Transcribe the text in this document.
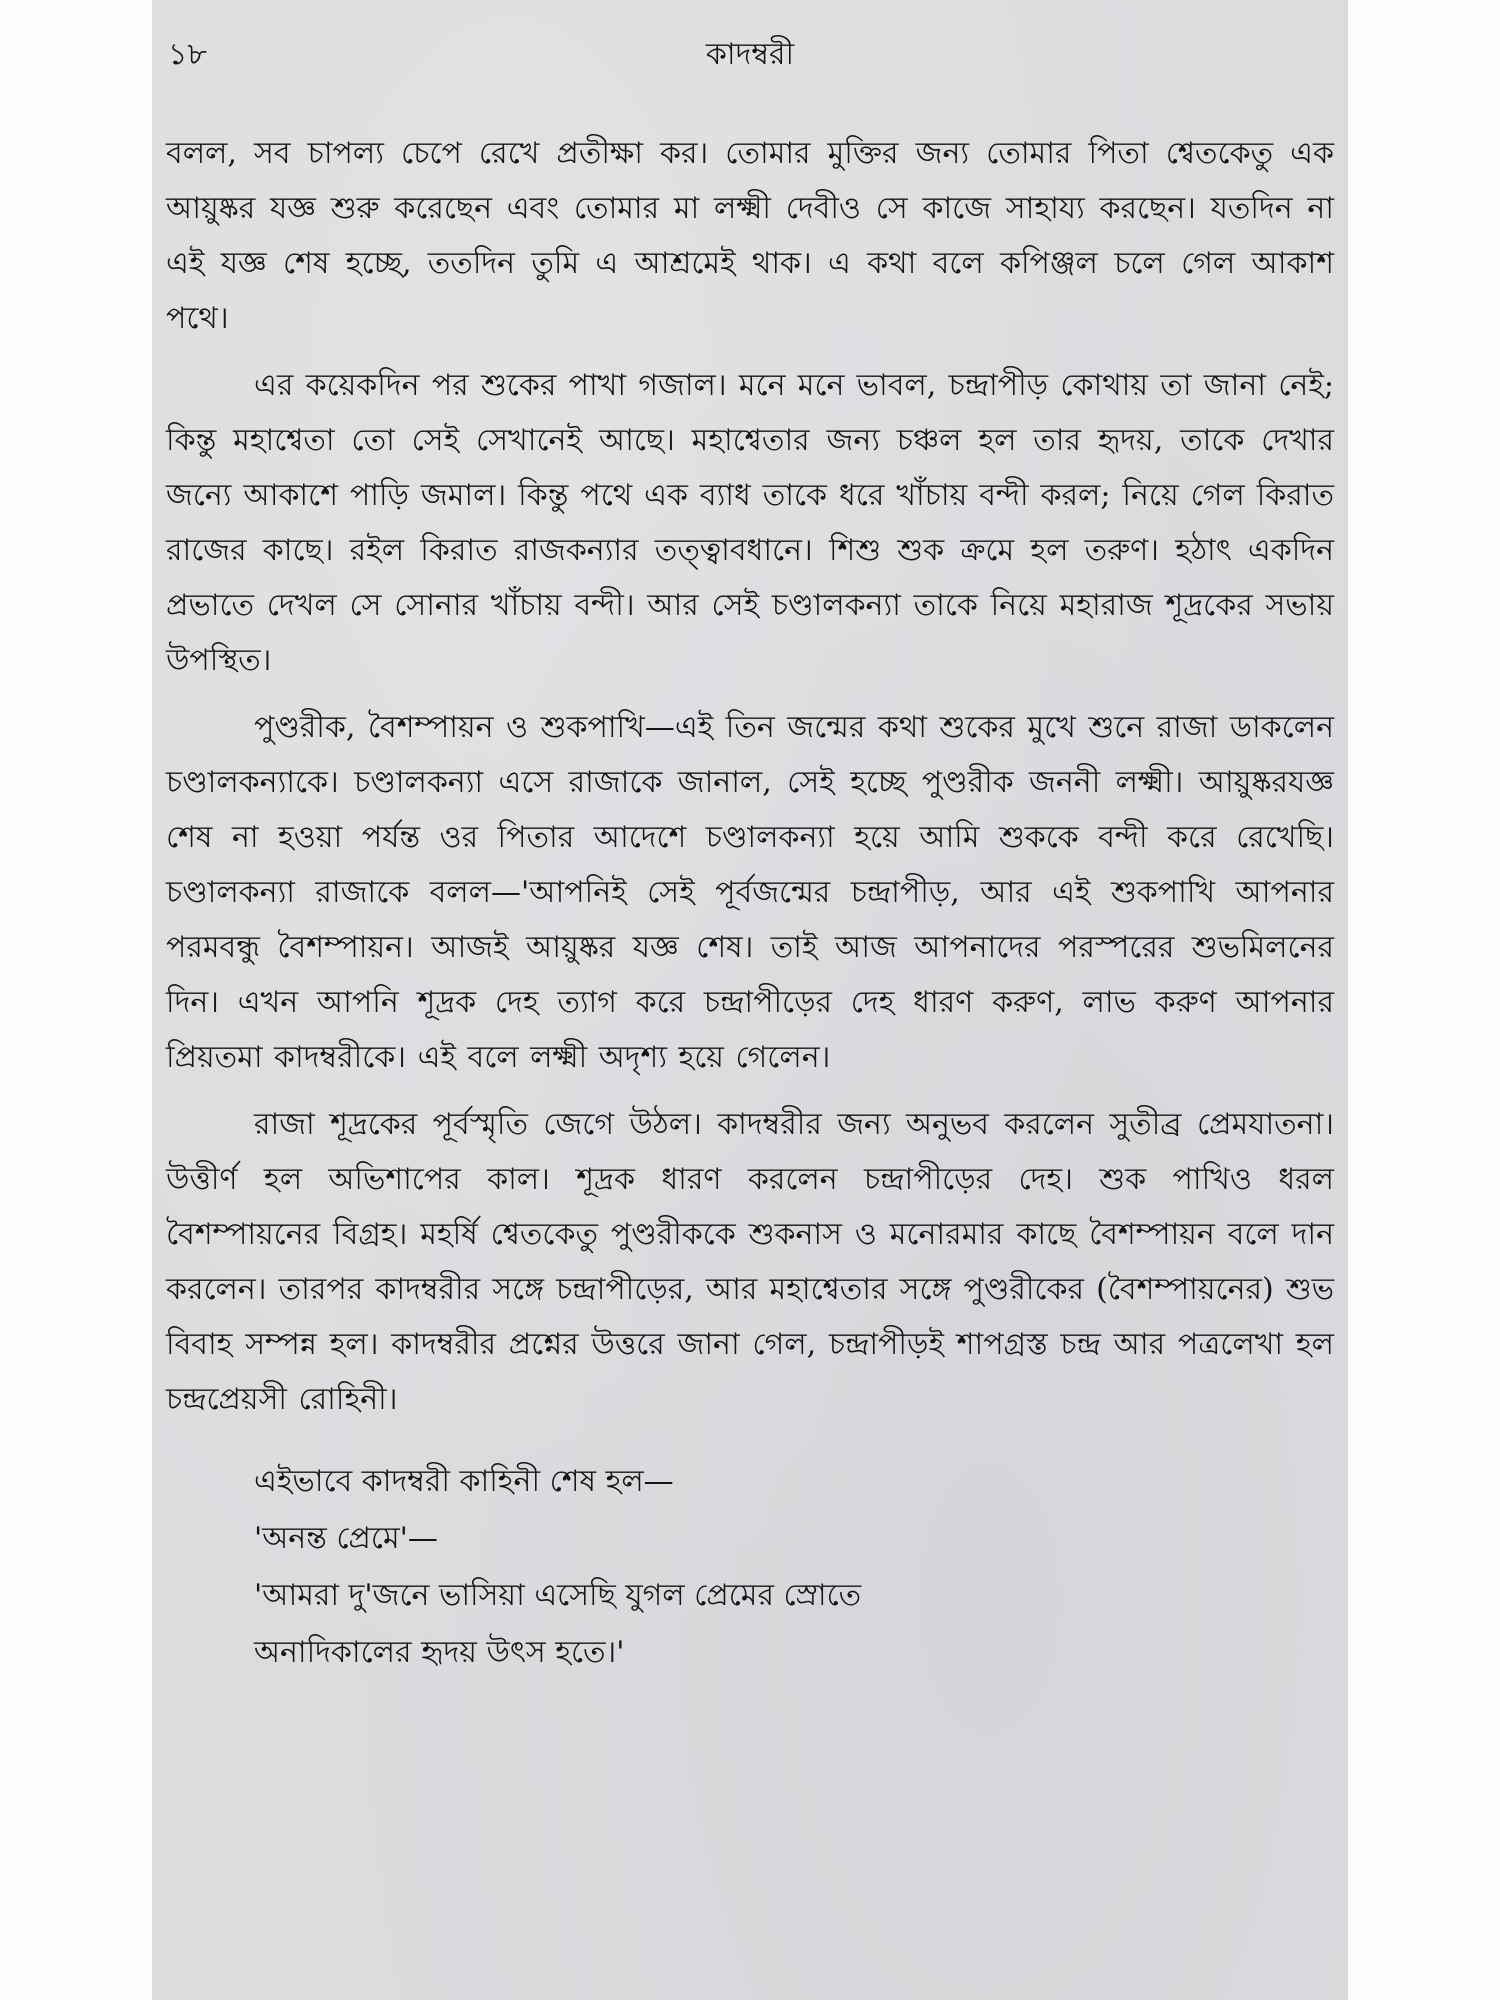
১৮	কাদম্বরী

বলল, সব চাপল্য চেপে রেখে প্রতীক্ষা কর। তোমার মুক্তির জন্য তোমার পিতা শ্বেতকেতু এক আয়ুষ্কর যজ্ঞ শুরু করেছেন এবং তোমার মা লক্ষ্মী দেবীও সে কাজে সাহায্য করছেন। যতদিন না এই যজ্ঞ শেষ হচ্ছে, ততদিন তুমি এ আশ্রমেই থাক। এ কথা বলে কপিঞ্জল চলে গেল আকাশ পথে।

এর কয়েকদিন পর শুকের পাখা গজাল। মনে মনে ভাবল, চন্দ্রাপীড় কোথায় তা জানা নেই; কিন্তু মহাশ্বেতা তো সেই সেখানেই আছে। মহাশ্বেতার জন্য চঞ্চল হল তার হৃদয়, তাকে দেখার জন্যে আকাশে পাড়ি জমাল। কিন্তু পথে এক ব্যাধ তাকে ধরে খাঁচায় বন্দী করল; নিয়ে গেল কিরাত রাজের কাছে। রইল কিরাত রাজকন্যার তত্ত্বাবধানে। শিশু শুক ক্রমে হল তরুণ। হঠাৎ একদিন প্রভাতে দেখল সে সোনার খাঁচায় বন্দী। আর সেই চণ্ডালকন্যা তাকে নিয়ে মহারাজ শূদ্রকের সভায় উপস্থিত।

পুণ্ডরীক, বৈশম্পায়ন ও শুকপাখি—এই তিন জন্মের কথা শুকের মুখে শুনে রাজা ডাকলেন চণ্ডালকন্যাকে। চণ্ডালকন্যা এসে রাজাকে জানাল, সেই হচ্ছে পুণ্ডরীক জননী লক্ষ্মী। আয়ুষ্করযজ্ঞ শেষ না হওয়া পর্যন্ত ওর পিতার আদেশে চণ্ডালকন্যা হয়ে আমি শুককে বন্দী করে রেখেছি। চণ্ডালকন্যা রাজাকে বলল—'আপনিই সেই পূর্বজন্মের চন্দ্রাপীড়, আর এই শুকপাখি আপনার পরমবন্ধু বৈশম্পায়ন। আজই আয়ুষ্কর যজ্ঞ শেষ। তাই আজ আপনাদের পরস্পরের শুভমিলনের দিন। এখন আপনি শূদ্রক দেহ ত্যাগ করে চন্দ্রাপীড়ের দেহ ধারণ করুণ, লাভ করুণ আপনার প্রিয়তমা কাদম্বরীকে। এই বলে লক্ষ্মী অদৃশ্য হয়ে গেলেন।

রাজা শূদ্রকের পূর্বস্মৃতি জেগে উঠল। কাদম্বরীর জন্য অনুভব করলেন সুতীব্র প্রেমযাতনা। উত্তীর্ণ হল অভিশাপের কাল। শূদ্রক ধারণ করলেন চন্দ্রাপীড়ের দেহ। শুক পাখিও ধরল বৈশম্পায়নের বিগ্রহ। মহর্ষি শ্বেতকেতু পুণ্ডরীককে শুকনাস ও মনোরমার কাছে বৈশম্পায়ন বলে দান করলেন। তারপর কাদম্বরীর সঙ্গে চন্দ্রাপীড়ের, আর মহাশ্বেতার সঙ্গে পুণ্ডরীকের (বৈশম্পায়নের) শুভ বিবাহ সম্পন্ন হল। কাদম্বরীর প্রশ্নের উত্তরে জানা গেল, চন্দ্রাপীড়ই শাপগ্রস্ত চন্দ্র আর পত্রলেখা হল চন্দ্রপ্রেয়সী রোহিনী।

এইভাবে কাদম্বরী কাহিনী শেষ হল—
'অনন্ত প্রেমে'—
'আমরা দু'জনে ভাসিয়া এসেছি যুগল প্রেমের স্রোতে
অনাদিকালের হৃদয় উৎস হতে।'
